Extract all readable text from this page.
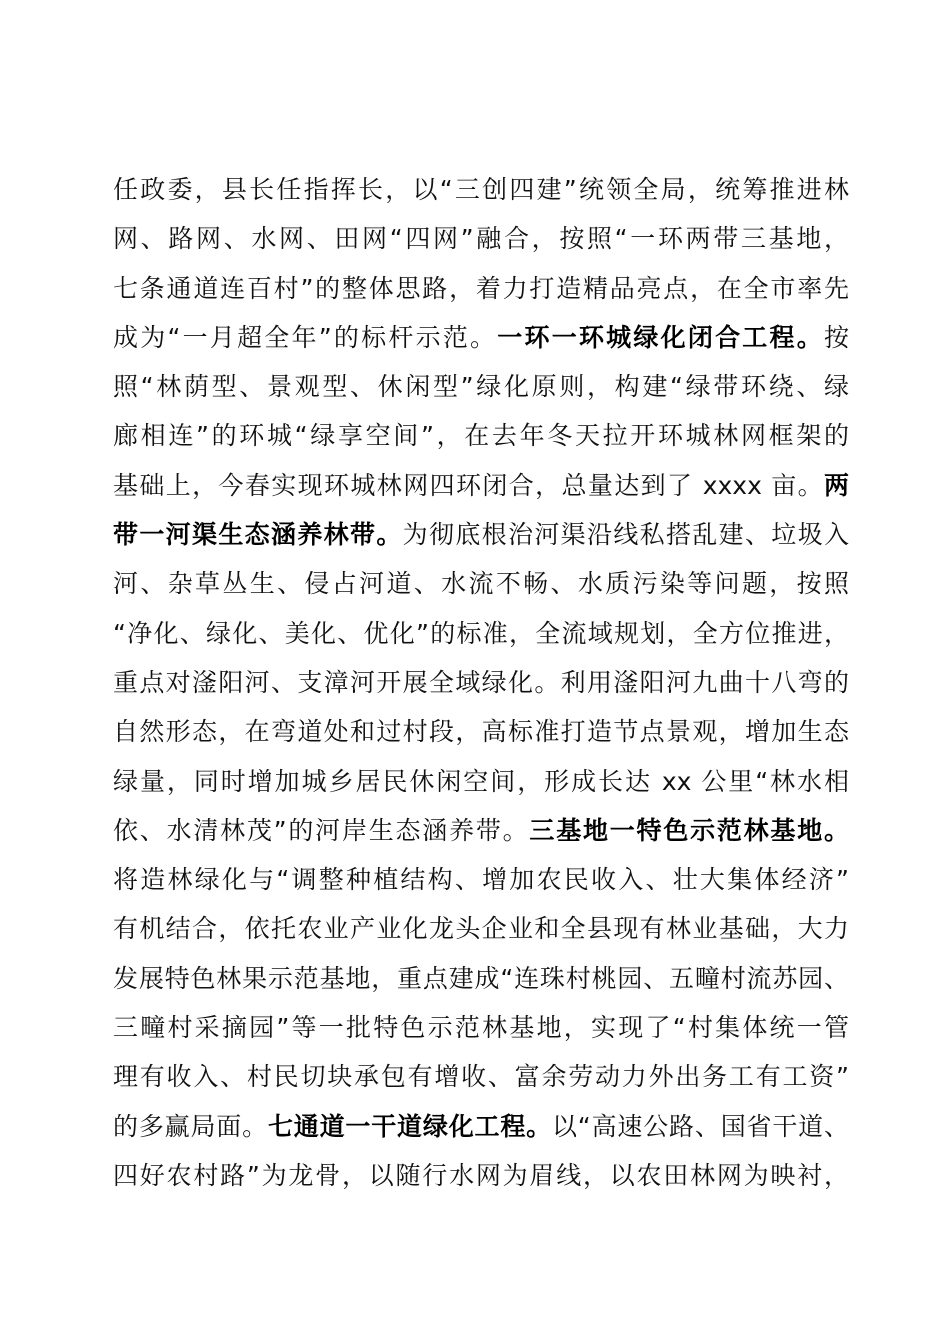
任政委，县长任指挥长，以“三创四建”统领全局，统筹推进林
网、路网、水网、田网“四网”融合，按照“一环两带三基地，
七条通道连百村”的整体思路，着力打造精品亮点，在全市率先
成为“一月超全年”的标杆示范。一环一环城绿化闭合工程。按
照“林荫型、景观型、休闲型”绿化原则，构建“绿带环绕、绿
廊相连”的环城“绿享空间”，在去年冬天拉开环城林网框架的
基础上，今春实现环城林网四环闭合，总量达到了 xxxx 亩。两
带一河渠生态涵养林带。为彻底根治河渠沿线私搭乱建、垃圾入
河、杂草丛生、侵占河道、水流不畅、水质污染等问题，按照
“净化、绿化、美化、优化”的标准，全流域规划，全方位推进，
重点对滏阳河、支漳河开展全域绿化。利用滏阳河九曲十八弯的
自然形态，在弯道处和过村段，高标准打造节点景观，增加生态
绿量，同时增加城乡居民休闲空间，形成长达 xx 公里“林水相
依、水清林茂”的河岸生态涵养带。三基地一特色示范林基地。
将造林绿化与“调整种植结构、增加农民收入、壮大集体经济”
有机结合，依托农业产业化龙头企业和全县现有林业基础，大力
发展特色林果示范基地，重点建成“连珠村桃园、五疃村流苏园、
三疃村采摘园”等一批特色示范林基地，实现了“村集体统一管
理有收入、村民切块承包有增收、富余劳动力外出务工有工资”
的多赢局面。七通道一干道绿化工程。以“高速公路、国省干道、
四好农村路”为龙骨，以随行水网为眉线，以农田林网为映衬，
